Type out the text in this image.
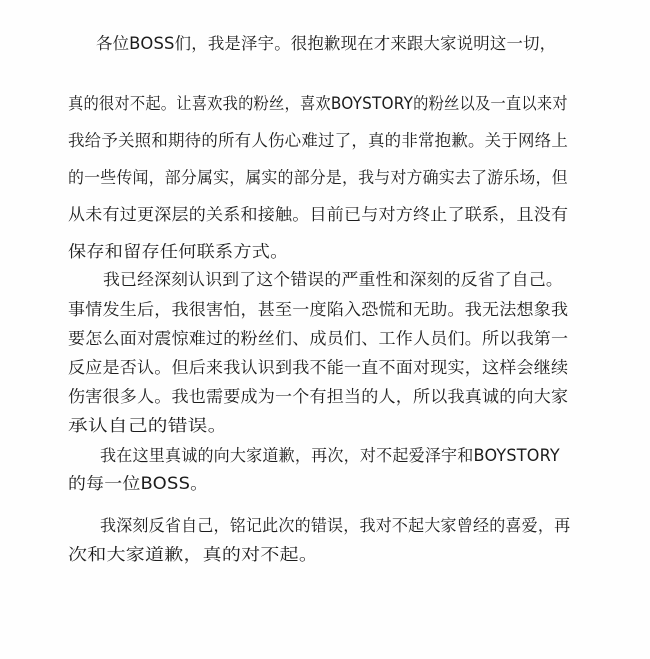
各位BOSS们，我是泽宇。很抱歉现在才来跟大家说明这一切，
真的很对不起。让喜欢我的粉丝，喜欢BOYSTORY的粉丝以及一直以来对
我给予关照和期待的所有人伤心难过了，真的非常抱歉。关于网络上
的一些传闻，部分属实，属实的部分是，我与对方确实去了游乐场，但
从未有过更深层的关系和接触。目前已与对方终止了联系，且没有
保存和留存任何联系方式。
我已经深刻认识到了这个错误的严重性和深刻的反省了自己。
事情发生后，我很害怕，甚至一度陷入恐慌和无助。我无法想象我
要怎么面对震惊难过的粉丝们、成员们、工作人员们。所以我第一
反应是否认。但后来我认识到我不能一直不面对现实，这样会继续
伤害很多人。我也需要成为一个有担当的人，所以我真诚的向大家
承认自己的错误。
我在这里真诚的向大家道歉，再次，对不起爱泽宇和BOYSTORY
的每一位BOSS。
我深刻反省自己，铭记此次的错误，我对不起大家曾经的喜爱，再
次和大家道歉，真的对不起。
